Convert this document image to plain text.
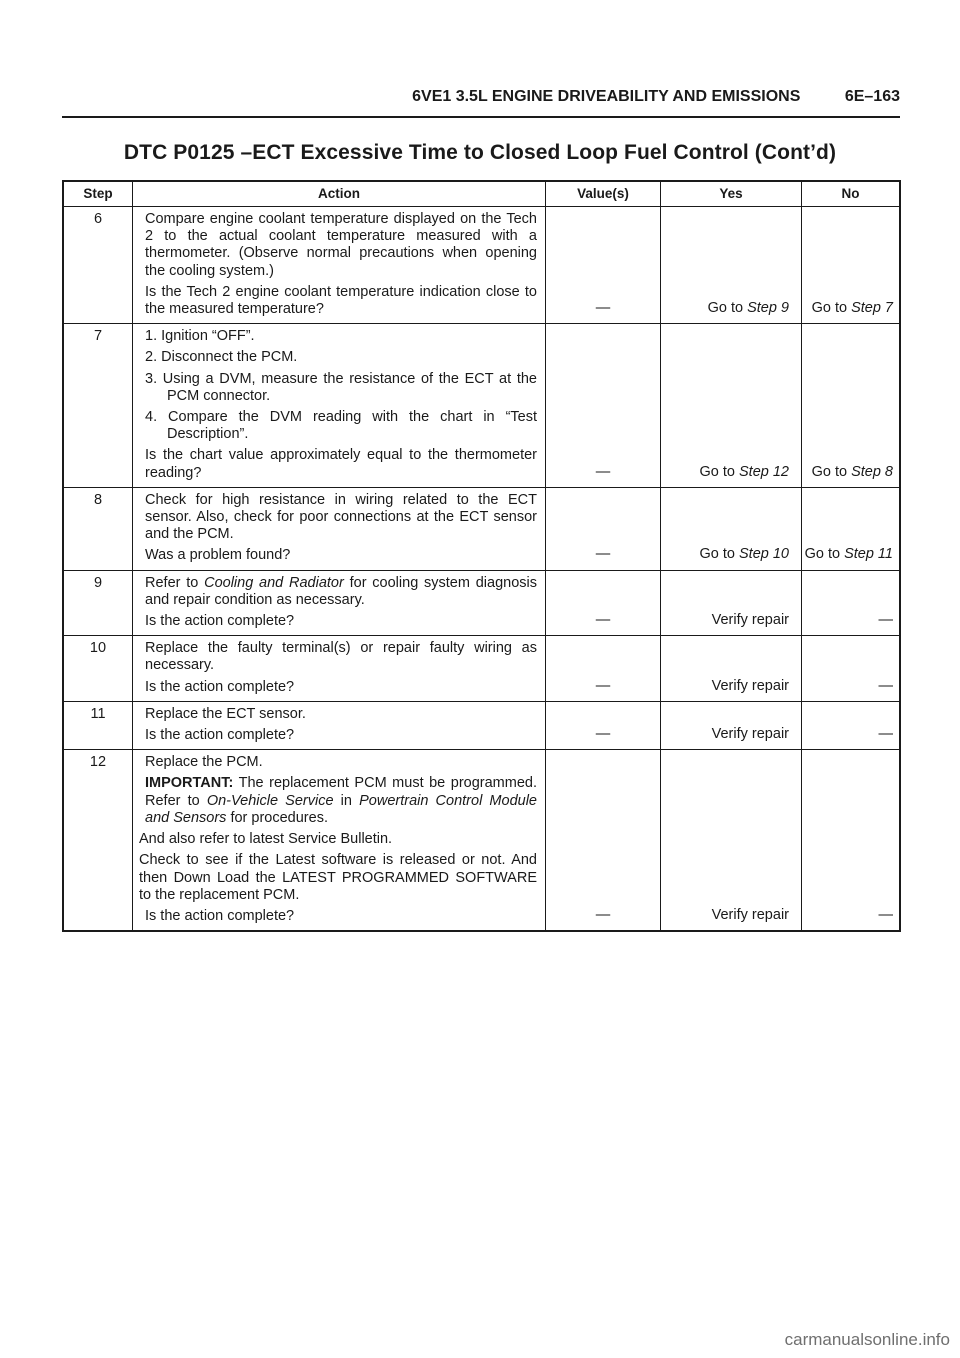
6VE1 3.5L ENGINE DRIVEABILITY AND EMISSIONS	6E–163
DTC P0125 –ECT Excessive Time to Closed Loop Fuel Control (Cont’d)
Step	Action	Value(s)	Yes	No
6	Compare engine coolant temperature displayed on the Tech 2 to the actual coolant temperature measured with a thermometer. (Observe normal precautions when opening the cooling system.)
Is the Tech 2 engine coolant temperature indication close to the measured temperature?	—	Go to Step 9	Go to Step 7
7	1. Ignition “OFF”.
2. Disconnect the PCM.
3. Using a DVM, measure the resistance of the ECT at the PCM connector.
4. Compare the DVM reading with the chart in “Test Description”.
Is the chart value approximately equal to the thermometer reading?	—	Go to Step 12	Go to Step 8
8	Check for high resistance in wiring related to the ECT sensor. Also, check for poor connections at the ECT sensor and the PCM.
Was a problem found?	—	Go to Step 10	Go to Step 11
9	Refer to Cooling and Radiator for cooling system diagnosis and repair condition as necessary.
Is the action complete?	—	Verify repair	—
10	Replace the faulty terminal(s) or repair faulty wiring as necessary.
Is the action complete?	—	Verify repair	—
11	Replace the ECT sensor.
Is the action complete?	—	Verify repair	—
12	Replace the PCM.
IMPORTANT: The replacement PCM must be programmed. Refer to On-Vehicle Service in Powertrain Control Module and Sensors for procedures.
And also refer to latest Service Bulletin.
Check to see if the Latest software is released or not. And then Down Load the LATEST PROGRAMMED SOFTWARE to the replacement PCM.
Is the action complete?	—	Verify repair	—
carmanualsonline.info
